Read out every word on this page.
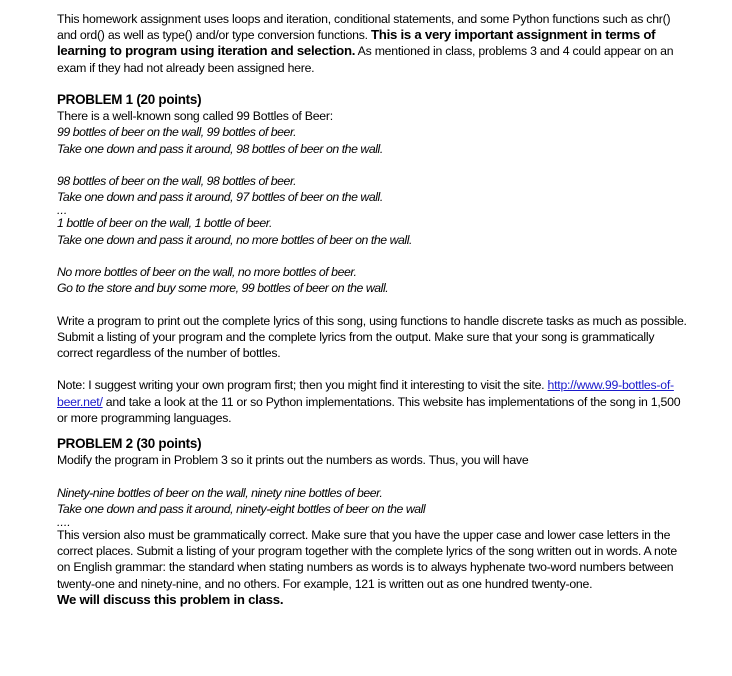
This homework assignment uses loops and iteration, conditional statements, and some Python functions such as chr() and ord() as well as type() and/or type conversion functions. This is a very important assignment in terms of learning to program using iteration and selection. As mentioned in class, problems 3 and 4 could appear on an exam if they had not already been assigned here.

PROBLEM 1 (20 points)

There is a well-known song called 99 Bottles of Beer:

99 bottles of beer on the wall, 99 bottles of beer.

Take one down and pass it around, 98 bottles of beer on the wall.

98 bottles of beer on the wall, 98 bottles of beer.

Take one down and pass it around, 97 bottles of beer on the wall.

...

1 bottle of beer on the wall, 1 bottle of beer.

Take one down and pass it around, no more bottles of beer on the wall.

No more bottles of beer on the wall, no more bottles of beer.

Go to the store and buy some more, 99 bottles of beer on the wall.

Write a program to print out the complete lyrics of this song, using functions to handle discrete tasks as much as possible. Submit a listing of your program and the complete lyrics from the output. Make sure that your song is grammatically correct regardless of the number of bottles.

Note: I suggest writing your own program first; then you might find it interesting to visit the site. http://www.99-bottles-of-beer.net/ and take a look at the 11 or so Python implementations. This website has implementations of the song in 1,500 or more programming languages.

PROBLEM 2 (30 points)

Modify the program in Problem 3 so it prints out the numbers as words. Thus, you will have

Ninety-nine bottles of beer on the wall, ninety nine bottles of beer.

Take one down and pass it around, ninety-eight bottles of beer on the wall

....

This version also must be grammatically correct. Make sure that you have the upper case and lower case letters in the correct places. Submit a listing of your program together with the complete lyrics of the song written out in words. A note on English grammar: the standard when stating numbers as words is to always hyphenate two-word numbers between twenty-one and ninety-nine, and no others. For example, 121 is written out as one hundred twenty-one.

We will discuss this problem in class.
